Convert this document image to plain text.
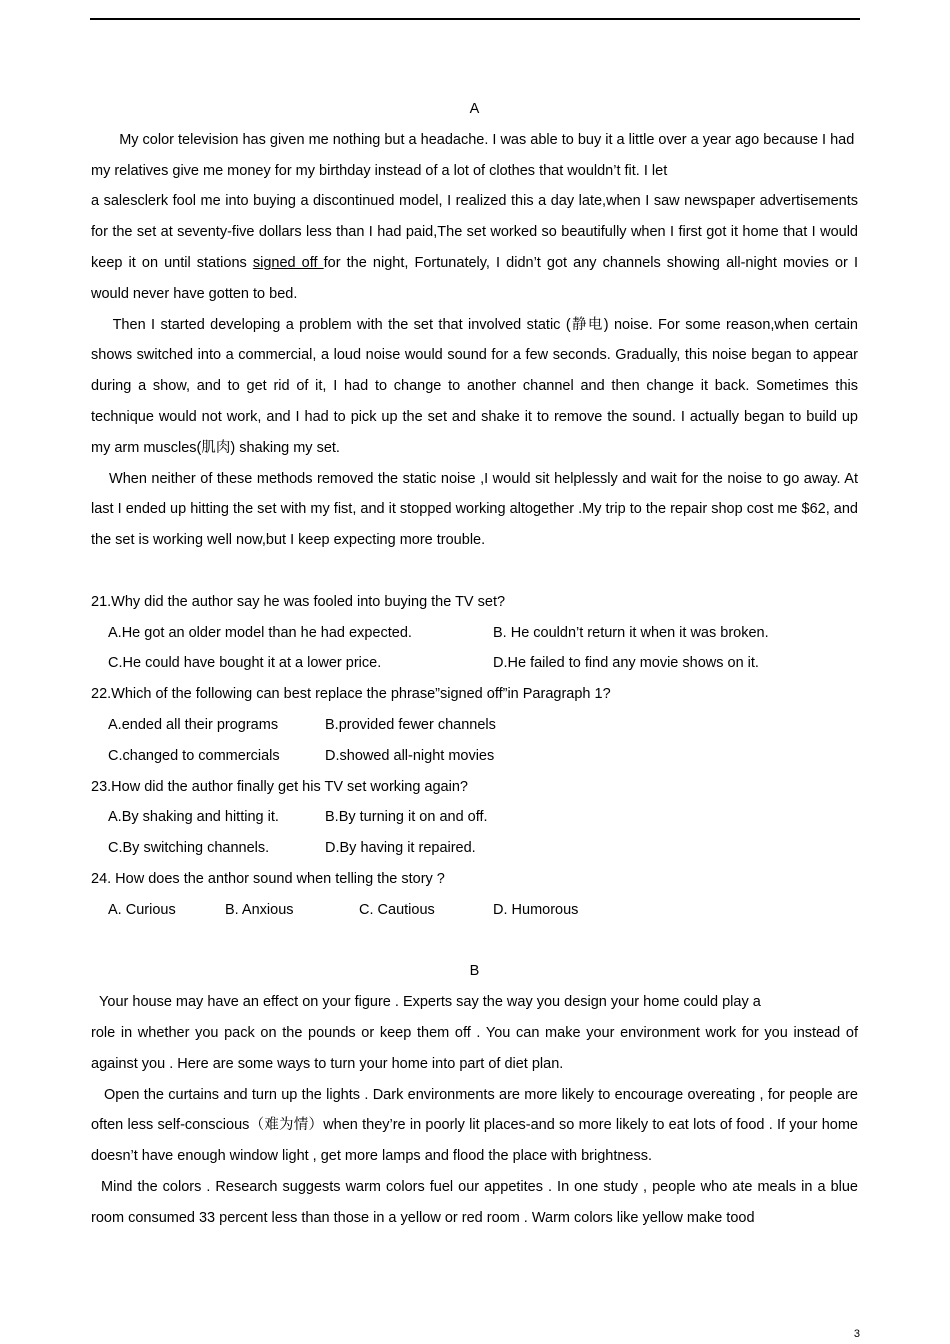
A

My color television has given me nothing but a headache. I was able to buy it a little over a year ago because I had my relatives give me money for my birthday instead of a lot of clothes that wouldn’t fit. I let

a salesclerk fool me into buying a discontinued model, I realized this a day late,when I saw newspaper advertisements for the set at seventy-five dollars less than I had paid,The set worked so beautifully when I first got it home that I would keep it on until stations signed off for the night, Fortunately, I didn’t got any channels showing all-night movies or I would never have gotten to bed.

Then I started developing a problem with the set that involved static (静电) noise. For some reason,when certain shows switched into a commercial, a loud noise would sound for a few seconds. Gradually, this noise began to appear during a show, and to get rid of it, I had to change to another channel and then change it back. Sometimes this technique would not work, and I had to pick up the set and shake it to remove the sound. I actually began to build up my arm muscles(肌肉) shaking my set.

When neither of these methods removed the static noise ,I would sit helplessly and wait for the noise to go away. At last I ended up hitting the set with my fist, and it stopped working altogether .My trip to the repair shop cost me $62, and the set is working well now,but I keep expecting more trouble.

21.Why did the author say he was fooled into buying the TV set?

A.He got an older model than he had expected.	B. He couldn’t return it when it was broken.
C.He could have bought it at a lower price.	D.He failed to find any movie shows on it.

22.Which of the following can best replace the phrase”signed off”in Paragraph 1?

A.ended all their programs	B.provided fewer channels
C.changed to commercials	D.showed all-night movies

23.How did the author finally get his TV set working again?

A.By shaking and hitting it.	B.By turning it on and off.
C.By switching channels.	D.By having it repaired.

24. How does the anthor sound when telling the story ?

A. Curious	B. Anxious	C. Cautious	D. Humorous
B

Your house may have an effect on your figure . Experts say the way you design your home could play a

role in whether you pack on the pounds or keep them off . You can make your environment work for you instead of against you . Here are some ways to turn your home into part of diet plan.

Open the curtains and turn up the lights . Dark environments are more likely to encourage overeating , for people are often less self-conscious（难为情）when they’re in poorly lit places-and so more likely to eat lots of food . If your home doesn’t have enough window light , get more lamps and flood the place with brightness.

Mind the colors . Research suggests warm colors fuel our appetites . In one study , people who ate meals in a blue room consumed 33 percent less than those in a yellow or red room . Warm colors like yellow make tood

3
